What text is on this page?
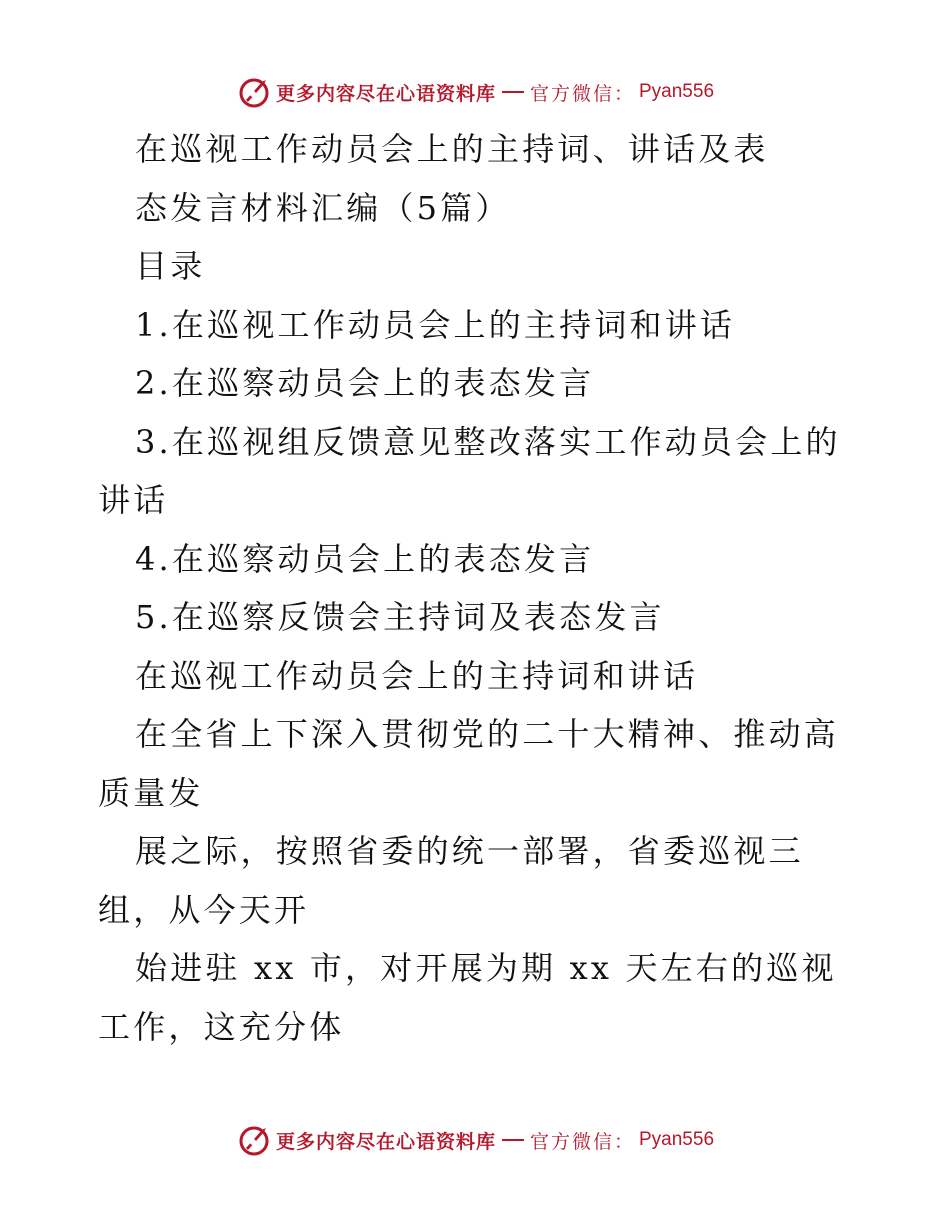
更多内容尽在心语资料库 官方微信： Pyan556

在巡视工作动员会上的主持词、讲话及表

态发言材料汇编（5篇）

目录

1.在巡视工作动员会上的主持词和讲话

2.在巡察动员会上的表态发言

3.在巡视组反馈意见整改落实工作动员会上的讲话

4.在巡察动员会上的表态发言

5.在巡察反馈会主持词及表态发言

在巡视工作动员会上的主持词和讲话

在全省上下深入贯彻党的二十大精神、推动高质量发

展之际，按照省委的统一部署，省委巡视三组，从今天开

始进驻 xx 市，对开展为期 xx 天左右的巡视工作，这充分体

更多内容尽在心语资料库 官方微信： Pyan556
